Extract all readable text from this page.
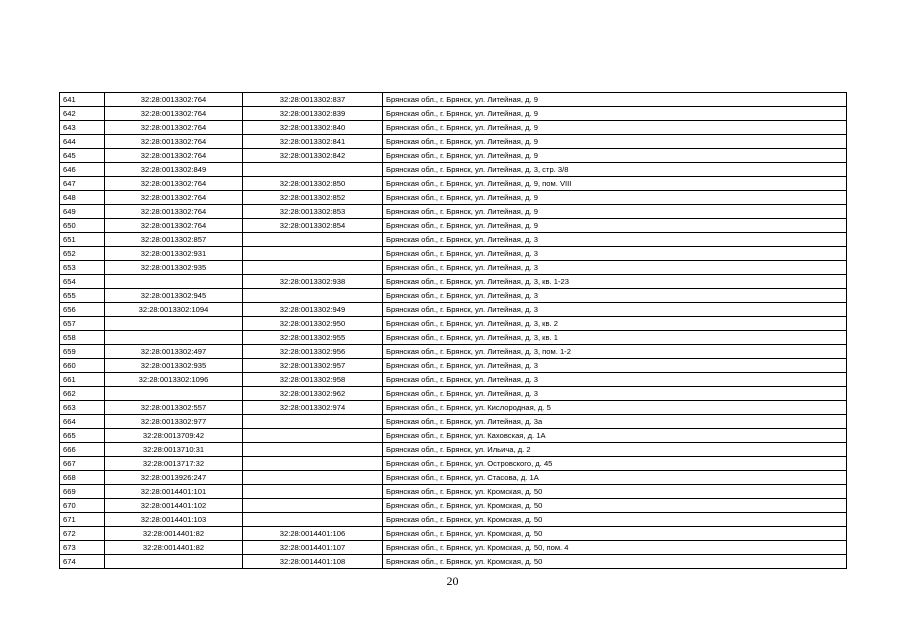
641	32:28:0013302:764	32:28:0013302:837	Брянская обл., г. Брянск, ул. Литейная, д. 9
642	32:28:0013302:764	32:28:0013302:839	Брянская обл., г. Брянск, ул. Литейная, д. 9
643	32:28:0013302:764	32:28:0013302:840	Брянская обл., г. Брянск, ул. Литейная, д. 9
644	32:28:0013302:764	32:28:0013302:841	Брянская обл., г. Брянск, ул. Литейная, д. 9
645	32:28:0013302:764	32:28:0013302:842	Брянская обл., г. Брянск, ул. Литейная, д. 9
646	32:28:0013302:849		Брянская обл., г. Брянск, ул. Литейная, д. 3, стр. 3/8
647	32:28:0013302:764	32:28:0013302:850	Брянская обл., г. Брянск, ул. Литейная, д. 9, пом. VIII
648	32:28:0013302:764	32:28:0013302:852	Брянская обл., г. Брянск, ул. Литейная, д. 9
649	32:28:0013302:764	32:28:0013302:853	Брянская обл., г. Брянск, ул. Литейная, д. 9
650	32:28:0013302:764	32:28:0013302:854	Брянская обл., г. Брянск, ул. Литейная, д. 9
651	32:28:0013302:857		Брянская обл., г. Брянск, ул. Литейная, д. 3
652	32:28:0013302:931		Брянская обл., г. Брянск, ул. Литейная, д. 3
653	32:28:0013302:935		Брянская обл., г. Брянск, ул. Литейная, д. 3
654		32:28:0013302:938	Брянская обл., г. Брянск, ул. Литейная, д. 3, кв. 1-23
655	32:28:0013302:945		Брянская обл., г. Брянск, ул. Литейная, д. 3
656	32:28:0013302:1094	32:28:0013302:949	Брянская обл., г. Брянск, ул. Литейная, д. 3
657		32:28:0013302:950	Брянская обл., г. Брянск, ул. Литейная, д. 3, кв. 2
658		32:28:0013302:955	Брянская обл., г. Брянск, ул. Литейная, д. 3, кв. 1
659	32:28:0013302:497	32:28:0013302:956	Брянская обл., г. Брянск, ул. Литейная, д. 3, пом. 1-2
660	32:28:0013302:935	32:28:0013302:957	Брянская обл., г. Брянск, ул. Литейная, д. 3
661	32:28:0013302:1096	32:28:0013302:958	Брянская обл., г. Брянск, ул. Литейная, д. 3
662		32:28:0013302:962	Брянская обл., г. Брянск, ул. Литейная, д. 3
663	32:28:0013302:557	32:28:0013302:974	Брянская обл., г. Брянск, ул. Кислородная, д. 5
664	32:28:0013302:977		Брянская обл., г. Брянск, ул. Литейная, д. 3а
665	32:28:0013709:42		Брянская обл., г. Брянск, ул. Каховская, д. 1А
666	32:28:0013710:31		Брянская обл., г. Брянск, ул. Ильича, д. 2
667	32:28:0013717:32		Брянская обл., г. Брянск, ул. Островского, д. 45
668	32:28:0013926:247		Брянская обл., г. Брянск, ул. Стасова, д. 1А
669	32:28:0014401:101		Брянская обл., г. Брянск, ул. Кромская, д. 50
670	32:28:0014401:102		Брянская обл., г. Брянск, ул. Кромская, д. 50
671	32:28:0014401:103		Брянская обл., г. Брянск, ул. Кромская, д. 50
672	32:28:0014401:82	32:28:0014401:106	Брянская обл., г. Брянск, ул. Кромская, д. 50
673	32:28:0014401:82	32:28:0014401:107	Брянская обл., г. Брянск, ул. Кромская, д. 50, пом. 4
674		32:28:0014401:108	Брянская обл., г. Брянск, ул. Кромская, д. 50
20
